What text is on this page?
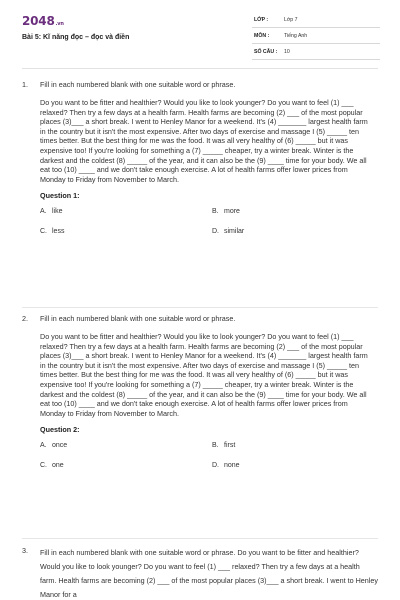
2048.vn
Bài 5: Kĩ năng đọc – đọc và điền
LỚP :	Lớp 7
MÔN :	Tiếng Anh
SỐ CÂU : 10
1. Fill in each numbered blank with one suitable word or phrase.
Do you want to be fitter and healthier? Would you like to look younger? Do you want to feel (1) ___ relaxed? Then try a few days at a health farm. Health farms are becoming (2) ___ of the most popular places (3)___ a short break. I went to Henley Manor for a weekend. It's (4) _______ largest health farm in the country but it isn't the most expensive. After two days of exercise and massage I (5) _____ ten times better. But the best thing for me was the food. It was all very healthy of (6) _____ but it was expensive too! If you're looking for something a (7) _____ cheaper, try a winter break. Winter is the darkest and the coldest (8) _____ of the year, and it can also be the (9) ____ time for your body. We all eat too (10) ____ and we don't take enough exercise. A lot of health farms offer lower prices from Monday to Friday from November to March.
Question 1:
A. like	B. more
C. less	D. similar
2. Fill in each numbered blank with one suitable word or phrase.
Do you want to be fitter and healthier? Would you like to look younger? Do you want to feel (1) ___ relaxed? Then try a few days at a health farm. Health farms are becoming (2) ___ of the most popular places (3)___ a short break. I went to Henley Manor for a weekend. It's (4) _______ largest health farm in the country but it isn't the most expensive. After two days of exercise and massage I (5) _____ ten times better. But the best thing for me was the food. It was all very healthy of (6) _____ but it was expensive too! If you're looking for something a (7) _____ cheaper, try a winter break. Winter is the darkest and the coldest (8) _____ of the year, and it can also be the (9) ____ time for your body. We all eat too (10) ____ and we don't take enough exercise. A lot of health farms offer lower prices from Monday to Friday from November to March.
Question 2:
A. once	B. first
C. one	D. none
3. Fill in each numbered blank with one suitable word or phrase. Do you want to be fitter and healthier? Would you like to look younger? Do you want to feel (1) ___ relaxed? Then try a few days at a health farm. Health farms are becoming (2) ___ of the most popular places (3)___ a short break. I went to Henley Manor for a
